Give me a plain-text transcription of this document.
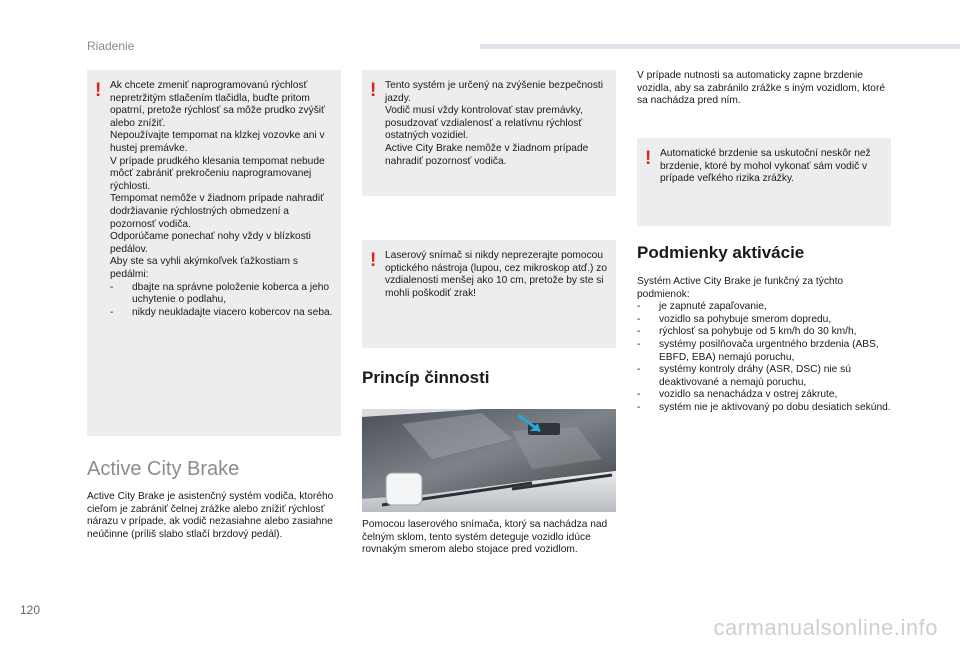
Riadenie
! Ak chcete zmeniť naprogramovanú rýchlosť nepretržitým stlačením tlačidla, buďte pritom opatrní, pretože rýchlosť sa môže prudko zvýšiť alebo znížiť.

Nepoužívajte tempomat na klzkej vozovke ani v hustej premávke.

V prípade prudkého klesania tempomat nebude môcť zabrániť prekročeniu naprogramovanej rýchlosti.

Tempomat nemôže v žiadnom prípade nahradiť dodržiavanie rýchlostných obmedzení a pozornosť vodiča.

Odporúčame ponechať nohy vždy v blízkosti pedálov.

Aby ste sa vyhli akýmkoľvek ťažkostiam s pedálmi:

- dbajte na správne položenie koberca a jeho uchytenie o podlahu,
- nikdy neukladajte viacero kobercov na seba.
Active City Brake

Active City Brake je asistenčný systém vodiča, ktorého cieľom je zabrániť čelnej zrážke alebo znížiť rýchlosť nárazu v prípade, ak vodič nezasiahne alebo zasiahne neúčinne (príliš slabo stlačí brzdový pedál).

! Tento systém je určený na zvýšenie bezpečnosti jazdy.

Vodič musí vždy kontrolovať stav premávky, posudzovať vzdialenosť a relatívnu rýchlosť ostatných vozidiel.

Active City Brake nemôže v žiadnom prípade nahradiť pozornosť vodiča.

! Laserový snímač si nikdy neprezerajte pomocou optického nástroja (lupou, cez mikroskop atď.) zo vzdialenosti menšej ako 10 cm, pretože by ste si mohli poškodiť zrak!

Princíp činnosti

Pomocou laserového snímača, ktorý sa nachádza nad čelným sklom, tento systém deteguje vozidlo idúce rovnakým smerom alebo stojace pred vozidlom.

V prípade nutnosti sa automaticky zapne brzdenie vozidla, aby sa zabránilo zrážke s iným vozidlom, ktoré sa nachádza pred ním.

! Automatické brzdenie sa uskutoční neskôr než brzdenie, ktoré by mohol vykonať sám vodič v prípade veľkého rizika zrážky.

Podmienky aktivácie

Systém Active City Brake je funkčný za týchto podmienok:

- je zapnuté zapaľovanie,
- vozidlo sa pohybuje smerom dopredu,
- rýchlosť sa pohybuje od 5 km/h do 30 km/h,
- systémy posilňovača urgentného brzdenia (ABS, EBFD, EBA) nemajú poruchu,
- systémy kontroly dráhy (ASR, DSC) nie sú deaktivované a nemajú poruchu,
- vozidlo sa nenachádza v ostrej zákrute,
- systém nie je aktivovaný po dobu desiatich sekúnd.
120
carmanualsonline.info
